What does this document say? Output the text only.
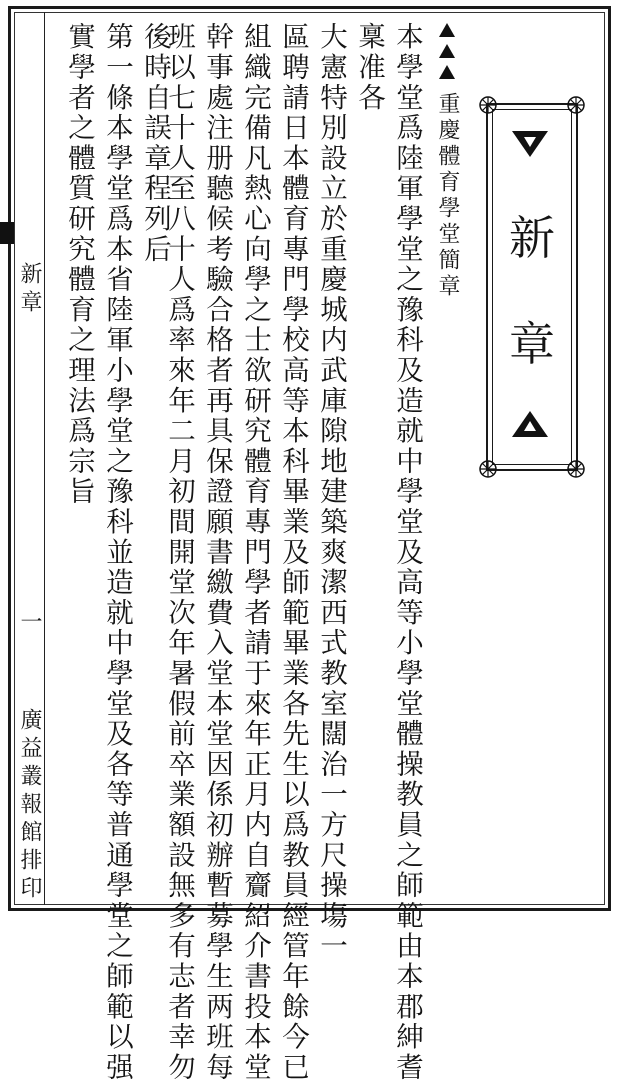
新
章
重慶體育學堂簡章
本學堂爲陸軍學堂之豫科及造就中學堂及高等小學堂體操教員之師範由本郡紳耆
稟准各
大憲特別設立於重慶城内武庫隙地建築爽潔西式教室闊治一方尺操塲一
區聘請日本體育專門學校高等本科畢業及師範畢業各先生以爲教員經管年餘今已
組織完備凡熱心向學之士欲研究體育專門學者請于來年正月内自齎紹介書投本堂
幹事處注册聽候考驗合格者再具保證願書繳費入堂本堂因係初辦暫募學生两班每
班以七十人至八十人爲率來年二月初間開堂次年暑假前卒業額設無多有志者幸勿
後時自誤章程列后
第一條本學堂爲本省陸軍小學堂之豫科並造就中學堂及各等普通學堂之師範以强
實學者之體質研究體育之理法爲宗旨
新章
一
廣益叢報館排印
